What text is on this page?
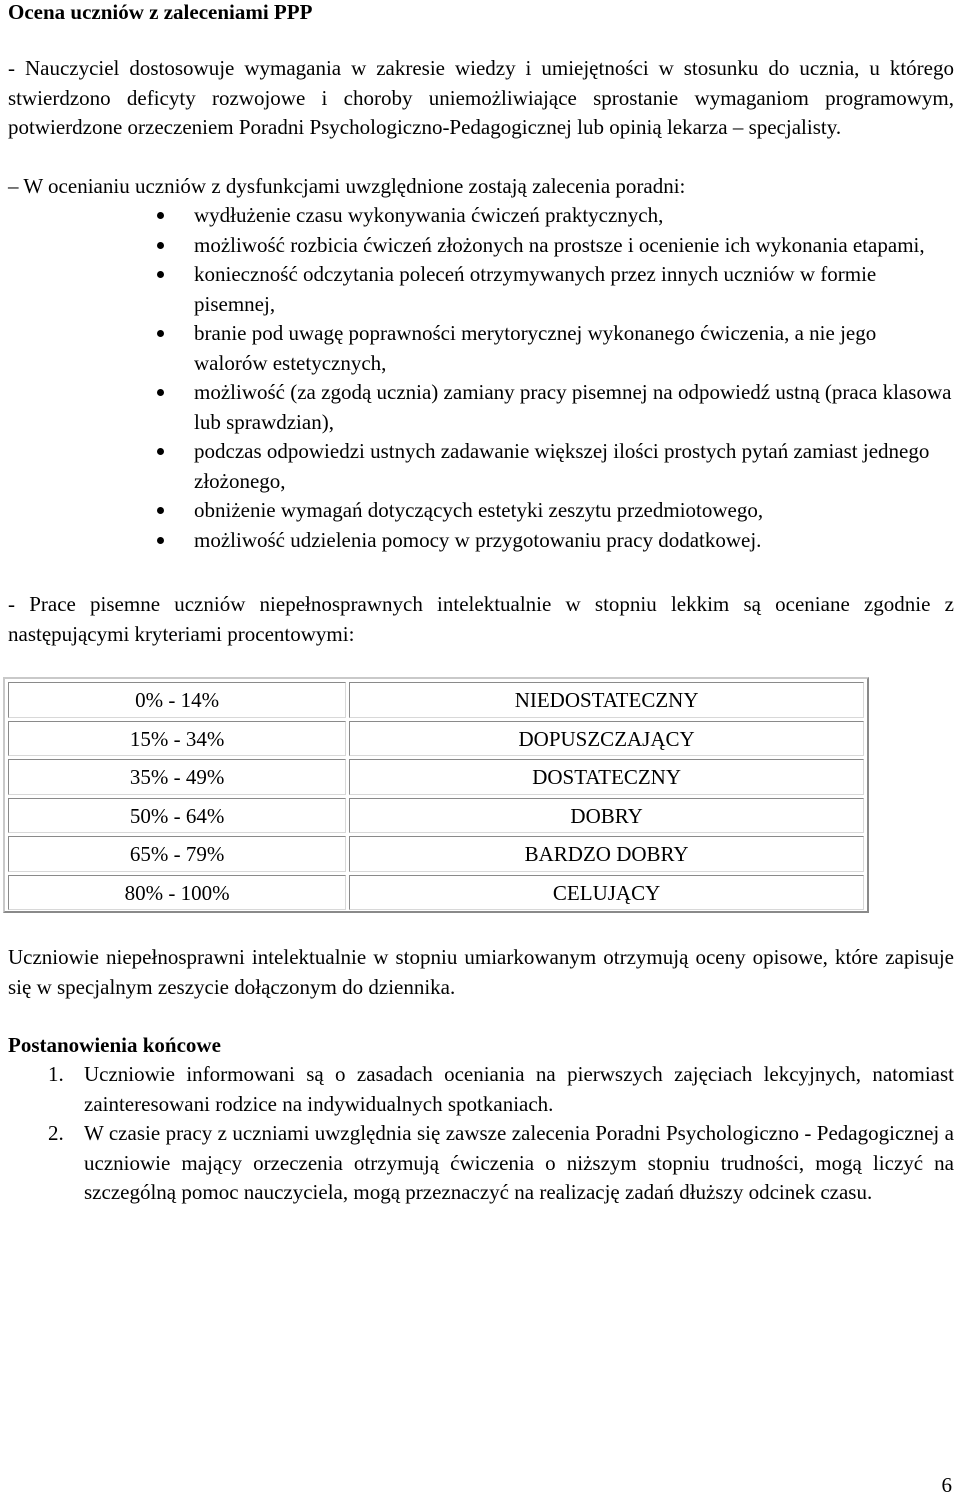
Ocena uczniów z zaleceniami PPP

- Nauczyciel dostosowuje wymagania w zakresie wiedzy i umiejętności w stosunku do ucznia, u którego stwierdzono deficyty rozwojowe i choroby uniemożliwiające sprostanie wymaganiom programowym, potwierdzone orzeczeniem Poradni Psychologiczno-Pedagogicznej lub opinią lekarza – specjalisty.

– W ocenianiu uczniów z dysfunkcjami uwzględnione zostają zalecenia poradni:

wydłużenie czasu wykonywania ćwiczeń praktycznych,
możliwość rozbicia ćwiczeń złożonych na prostsze i ocenienie ich wykonania etapami,
konieczność odczytania poleceń otrzymywanych przez innych uczniów w formie pisemnej,
branie pod uwagę poprawności merytorycznej wykonanego ćwiczenia, a nie jego walorów estetycznych,
możliwość (za zgodą ucznia) zamiany pracy pisemnej na odpowiedź ustną (praca klasowa lub sprawdzian),
podczas odpowiedzi ustnych zadawanie większej ilości prostych pytań zamiast jednego złożonego,
obniżenie wymagań dotyczących estetyki zeszytu przedmiotowego,
możliwość udzielenia pomocy w przygotowaniu pracy dodatkowej.

- Prace pisemne uczniów niepełnosprawnych intelektualnie w stopniu lekkim są oceniane zgodnie z następującymi kryteriami procentowymi:

0% - 14%	NIEDOSTATECZNY
15% - 34%	DOPUSZCZAJĄCY
35% - 49%	DOSTATECZNY
50% - 64%	DOBRY
65% - 79%	BARDZO DOBRY
80% - 100%	CELUJĄCY

Uczniowie niepełnosprawni intelektualnie w stopniu umiarkowanym otrzymują oceny opisowe, które zapisuje się w specjalnym zeszycie dołączonym do dziennika.

Postanowienia końcowe
1. Uczniowie informowani są o zasadach oceniania na pierwszych zajęciach lekcyjnych, natomiast zainteresowani rodzice na indywidualnych spotkaniach.
2. W czasie pracy z uczniami uwzględnia się zawsze zalecenia Poradni Psychologiczno - Pedagogicznej a uczniowie mający orzeczenia otrzymują ćwiczenia o niższym stopniu trudności, mogą liczyć na szczególną pomoc nauczyciela, mogą przeznaczyć na realizację zadań dłuższy odcinek czasu.
6
